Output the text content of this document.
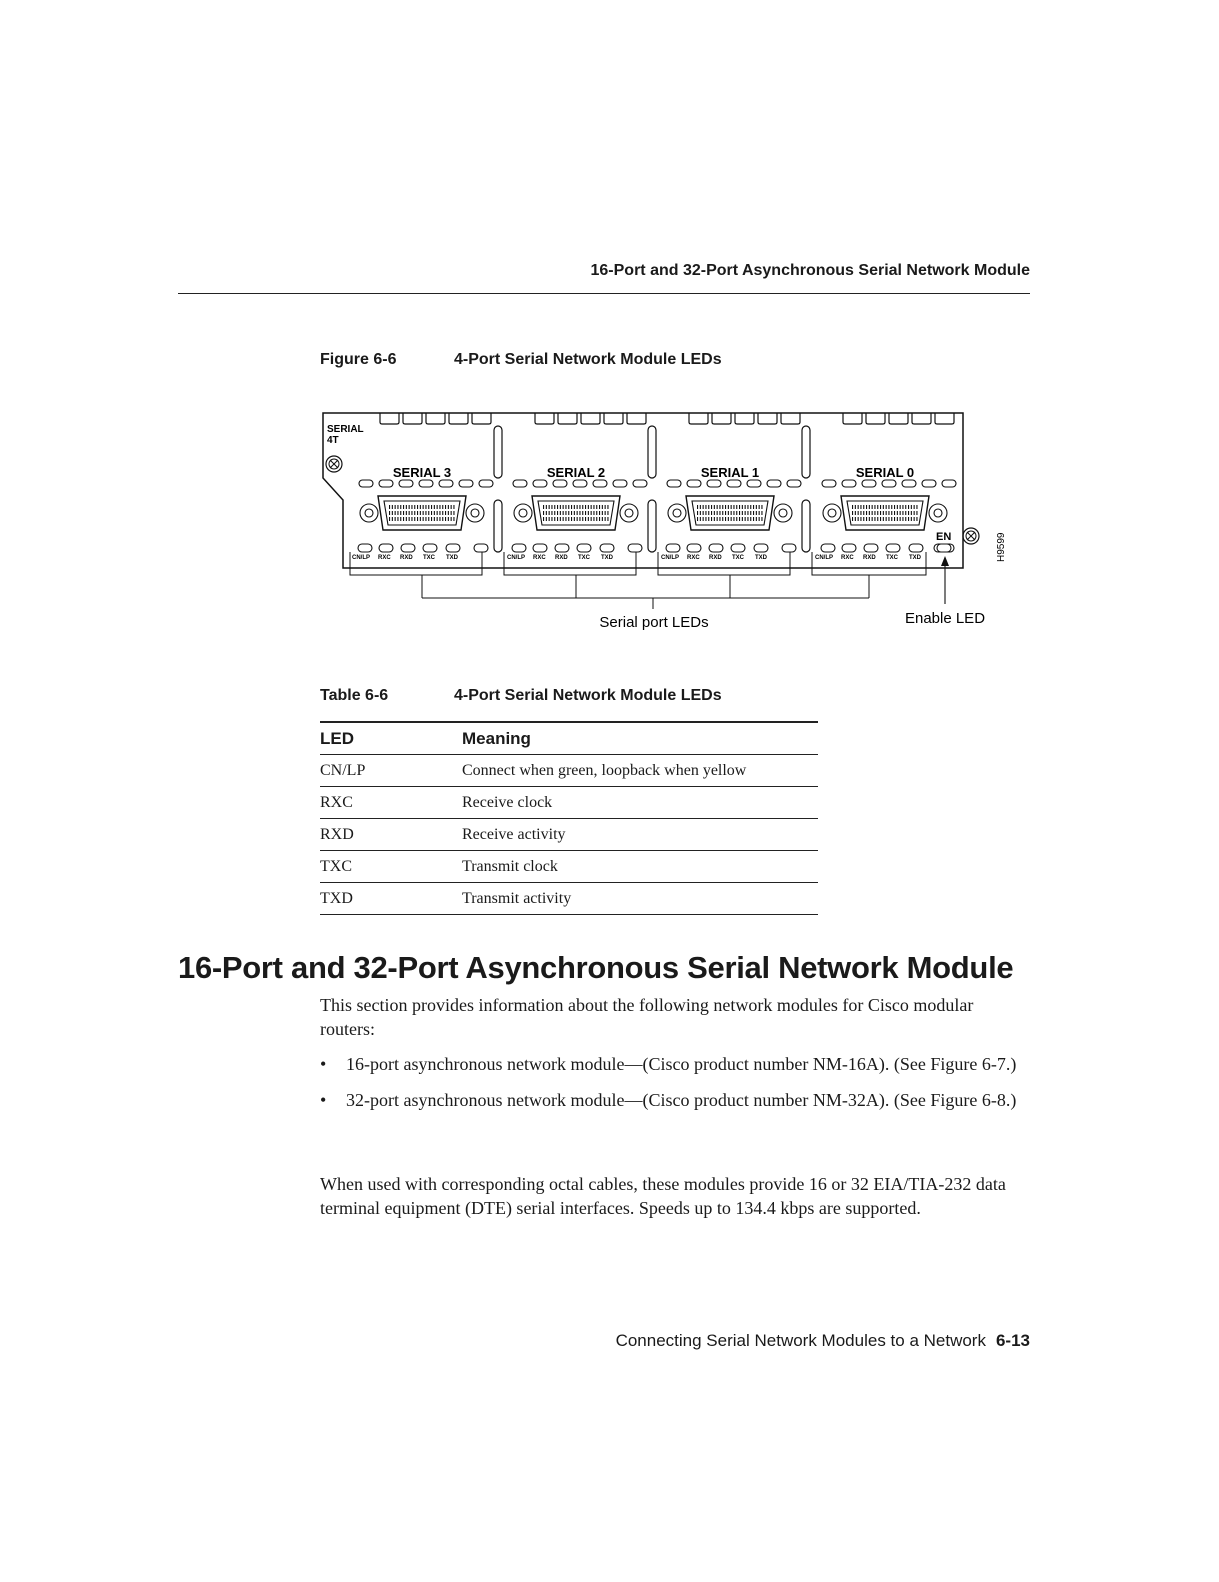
16-Port and 32-Port Asynchronous Serial Network Module
Figure 6-6	4-Port Serial Network Module LEDs
SERIAL
4T
SERIAL 3	SERIAL 2	SERIAL 1	SERIAL 0
CN/LP RXC RXD TXC TXD	CN/LP RXC RXD TXC TXD	CN/LP RXC RXD TXC TXD	CN/LP RXC RXD TXC TXD
EN
Serial port LEDs	Enable LED
H9599
Table 6-6	4-Port Serial Network Module LEDs
LED	Meaning
CN/LP	Connect when green, loopback when yellow
RXC	Receive clock
RXD	Receive activity
TXC	Transmit clock
TXD	Transmit activity
16-Port and 32-Port Asynchronous Serial Network Module

This section provides information about the following network modules for Cisco modular routers:

• 16-port asynchronous network module—(Cisco product number NM-16A). (See Figure 6-7.)
• 32-port asynchronous network module—(Cisco product number NM-32A). (See Figure 6-8.)

When used with corresponding octal cables, these modules provide 16 or 32 EIA/TIA-232 data terminal equipment (DTE) serial interfaces. Speeds up to 134.4 kbps are supported.

Connecting Serial Network Modules to a Network 6-13
